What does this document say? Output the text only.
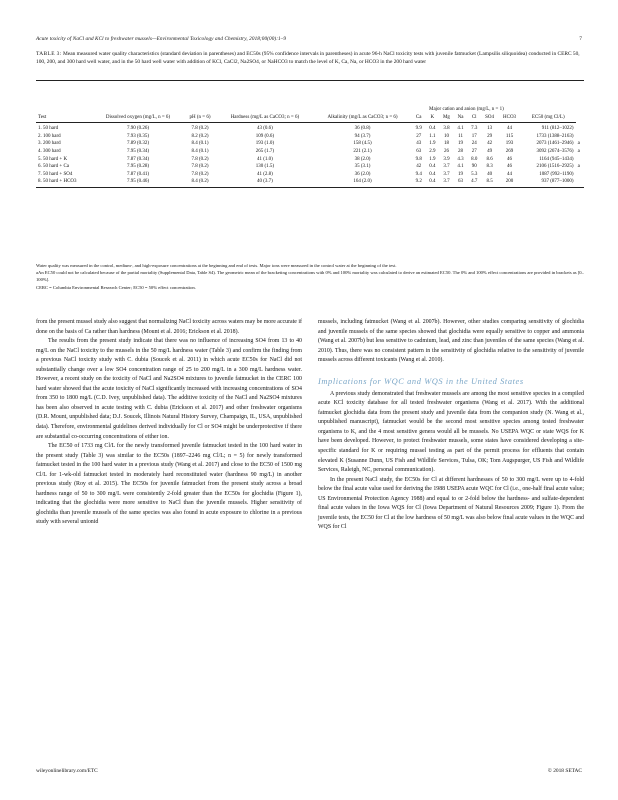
Acute toxicity of NaCl and KCl to freshwater mussels—Environmental Toxicology and Chemistry, 2018;00(00):1–9	7
TABLE 3: Mean measured water quality characteristics (standard deviation in parentheses) and EC50s (95% confidence intervals in parentheses) in acute 96-h NaCl toxicity tests with juvenile fatmucket (Lampsilis siliquoidea) conducted in CERC 50, 100, 200, and 300 hard well water, and in the 50 hard well water with addition of KCl, CaCl2, Na2SO4, or NaHCO3 to match the level of K, Ca, Na, or HCO3 in the 200 hard water
					Major cation and anion (mg/L, n = 1)								
Test	Dissolved oxygen (mg/L, n = 6)	pH (n = 6)	Hardness (mg/L as CaCO3; n = 6)	Alkalinity (mg/L as CaCO3; n = 6)	Ca	K	Mg	Na	Cl	SO4	HCO3	EC50 (mg Cl/L)	
1. 50 hard	7.90 (0.26)	7.8 (0.2)	43 (0.6)	36 (0.8)	9.9	0.4	3.8	4.1	7.3	13	44	911 (812–1022)	
2. 100 hard	7.93 (0.35)	8.2 (0.2)	109 (0.6)	94 (3.7)	27	1.1	10	11	17	29	115	1733 (1388–2163)	
3. 200 hard	7.89 (0.32)	8.4 (0.1)	193 (1.0)	158 (4.5)	43	1.9	18	19	24	42	193	2073 (1461–2946)	a
4. 300 hard	7.95 (0.34)	8.4 (0.1)	265 (1.7)	221 (2.1)	63	2.9	26	28	27	49	269	3092 (2674–3576)	a
5. 50 hard + K	7.87 (0.34)	7.8 (0.2)	41 (1.0)	38 (2.0)	9.8	1.9	3.9	4.3	8.0	8.6	46	1164 (945–1434)	
6. 50 hard + Ca	7.95 (0.28)	7.8 (0.2)	130 (1.5)	35 (3.1)	42	0.4	3.7	4.1	90	8.3	46	2106 (1516–2925)	a
7. 50 hard + SO4	7.87 (0.41)	7.8 (0.2)	41 (2.8)	36 (2.0)	9.4	0.4	3.7	19	5.3	40	44	1087 (992–1190)	
8. 50 hard + HCO3	7.95 (0.46)	8.4 (0.2)	40 (3.7)	164 (2.0)	9.2	0.4	3.7	63	4.7	8.5	200	937 (877–1000)	
Water quality was measured in the control, medium-, and high-exposure concentrations at the beginning and end of tests. Major ions were measured in the control water at the beginning of the test.
aAn EC50 could not be calculated because of the partial mortality (Supplemental Data, Table S4). The geometric mean of the bracketing concentrations with 0% and 100% mortality was calculated to derive an estimated EC50. The 0% and 100% effect concentrations are provided in brackets as [0–100%].
CERC = Columbia Environmental Research Center; EC50 = 50% effect concentration.

from the present mussel study also suggest that normalizing NaCl toxicity across waters may be more accurate if done on the basis of Ca rather than hardness (Mount et al. 2016; Erickson et al. 2018).

The results from the present study indicate that there was no influence of increasing SO4 from 13 to 40 mg/L on the NaCl toxicity to the mussels in the 50 mg/L hardness water (Table 3) and confirm the finding from a previous NaCl toxicity study with C. dubia (Soucek et al. 2011) in which acute EC50s for NaCl did not substantially change over a low SO4 concentration range of 25 to 200 mg/L in a 300 mg/L hardness water. However, a recent study on the toxicity of NaCl and Na2SO4 mixtures to juvenile fatmucket in the CERC 100 hard water showed that the acute toxicity of NaCl significantly increased with increasing concentrations of SO4 from 350 to 1800 mg/L (C.D. Ivey, unpublished data). The additive toxicity of the NaCl and Na2SO4 mixtures has been also observed in acute testing with C. dubia (Erickson et al. 2017) and other freshwater organisms (D.R. Mount, unpublished data; D.J. Soucek, Illinois Natural History Survey, Champaign, IL, USA, unpublished data). Therefore, environmental guidelines derived individually for Cl or SO4 might be underprotective if there are substantial co-occurring concentrations of either ion.

The EC50 of 1733 mg Cl/L for the newly transformed juvenile fatmucket tested in the 100 hard water in the present study (Table 3) was similar to the EC50s (1897–2246 mg Cl/L; n = 5) for newly transformed fatmucket tested in the 100 hard water in a previous study (Wang et al. 2017) and close to the EC50 of 1500 mg Cl/L for 1-wk-old fatmucket tested in moderately hard reconstituted water (hardness 90 mg/L) in another previous study (Roy et al. 2015). The EC50s for juvenile fatmucket from the present study across a broad hardness range of 50 to 300 mg/L were consistently 2-fold greater than the EC50s for glochidia (Figure 1), indicating that the glochidia were more sensitive to NaCl than the juvenile mussels. Higher sensitivity of glochidia than juvenile mussels of the same species was also found in acute exposure to chlorine in a previous study with several unionid

mussels, including fatmucket (Wang et al. 2007b). However, other studies comparing sensitivity of glochidia and juvenile mussels of the same species showed that glochidia were equally sensitive to copper and ammonia (Wang et al. 2007b) but less sensitive to cadmium, lead, and zinc than juveniles of the same species (Wang et al. 2010). Thus, there was no consistent pattern in the sensitivity of glochidia relative to the sensitivity of juvenile mussels across different toxicants (Wang et al. 2010).

Implications for WQC and WQS in the United States

A previous study demonstrated that freshwater mussels are among the most sensitive species in a compiled acute KCl toxicity database for all tested freshwater organisms (Wang et al. 2017). With the additional fatmucket glochidia data from the present study and juvenile data from the companion study (N. Wang et al., unpublished manuscript), fatmucket would be the second most sensitive species among tested freshwater organisms to K, and the 4 most sensitive genera would all be mussels. No USEPA WQC or state WQS for K have been developed. However, to protect freshwater mussels, some states have considered developing a site-specific standard for K or requiring mussel testing as part of the permit process for effluents that contain elevated K (Susanne Dunn, US Fish and Wildlife Services, Tulsa, OK; Tom Augspurger, US Fish and Wildlife Services, Raleigh, NC, personal communication).

In the present NaCl study, the EC50s for Cl at different hardnesses of 50 to 300 mg/L were up to 4-fold below the final acute value used for deriving the 1988 USEPA acute WQC for Cl (i.e., one-half final acute value; US Environmental Protection Agency 1988) and equal to or 2-fold below the hardness- and sulfate-dependent final acute values in the Iowa WQS for Cl (Iowa Department of Natural Resources 2009; Figure 1). From the juvenile tests, the EC50 for Cl at the low hardness of 50 mg/L was also below final acute values in the WQC and WQS for Cl

wileyonlinelibrary.com/ETC	© 2018 SETAC
